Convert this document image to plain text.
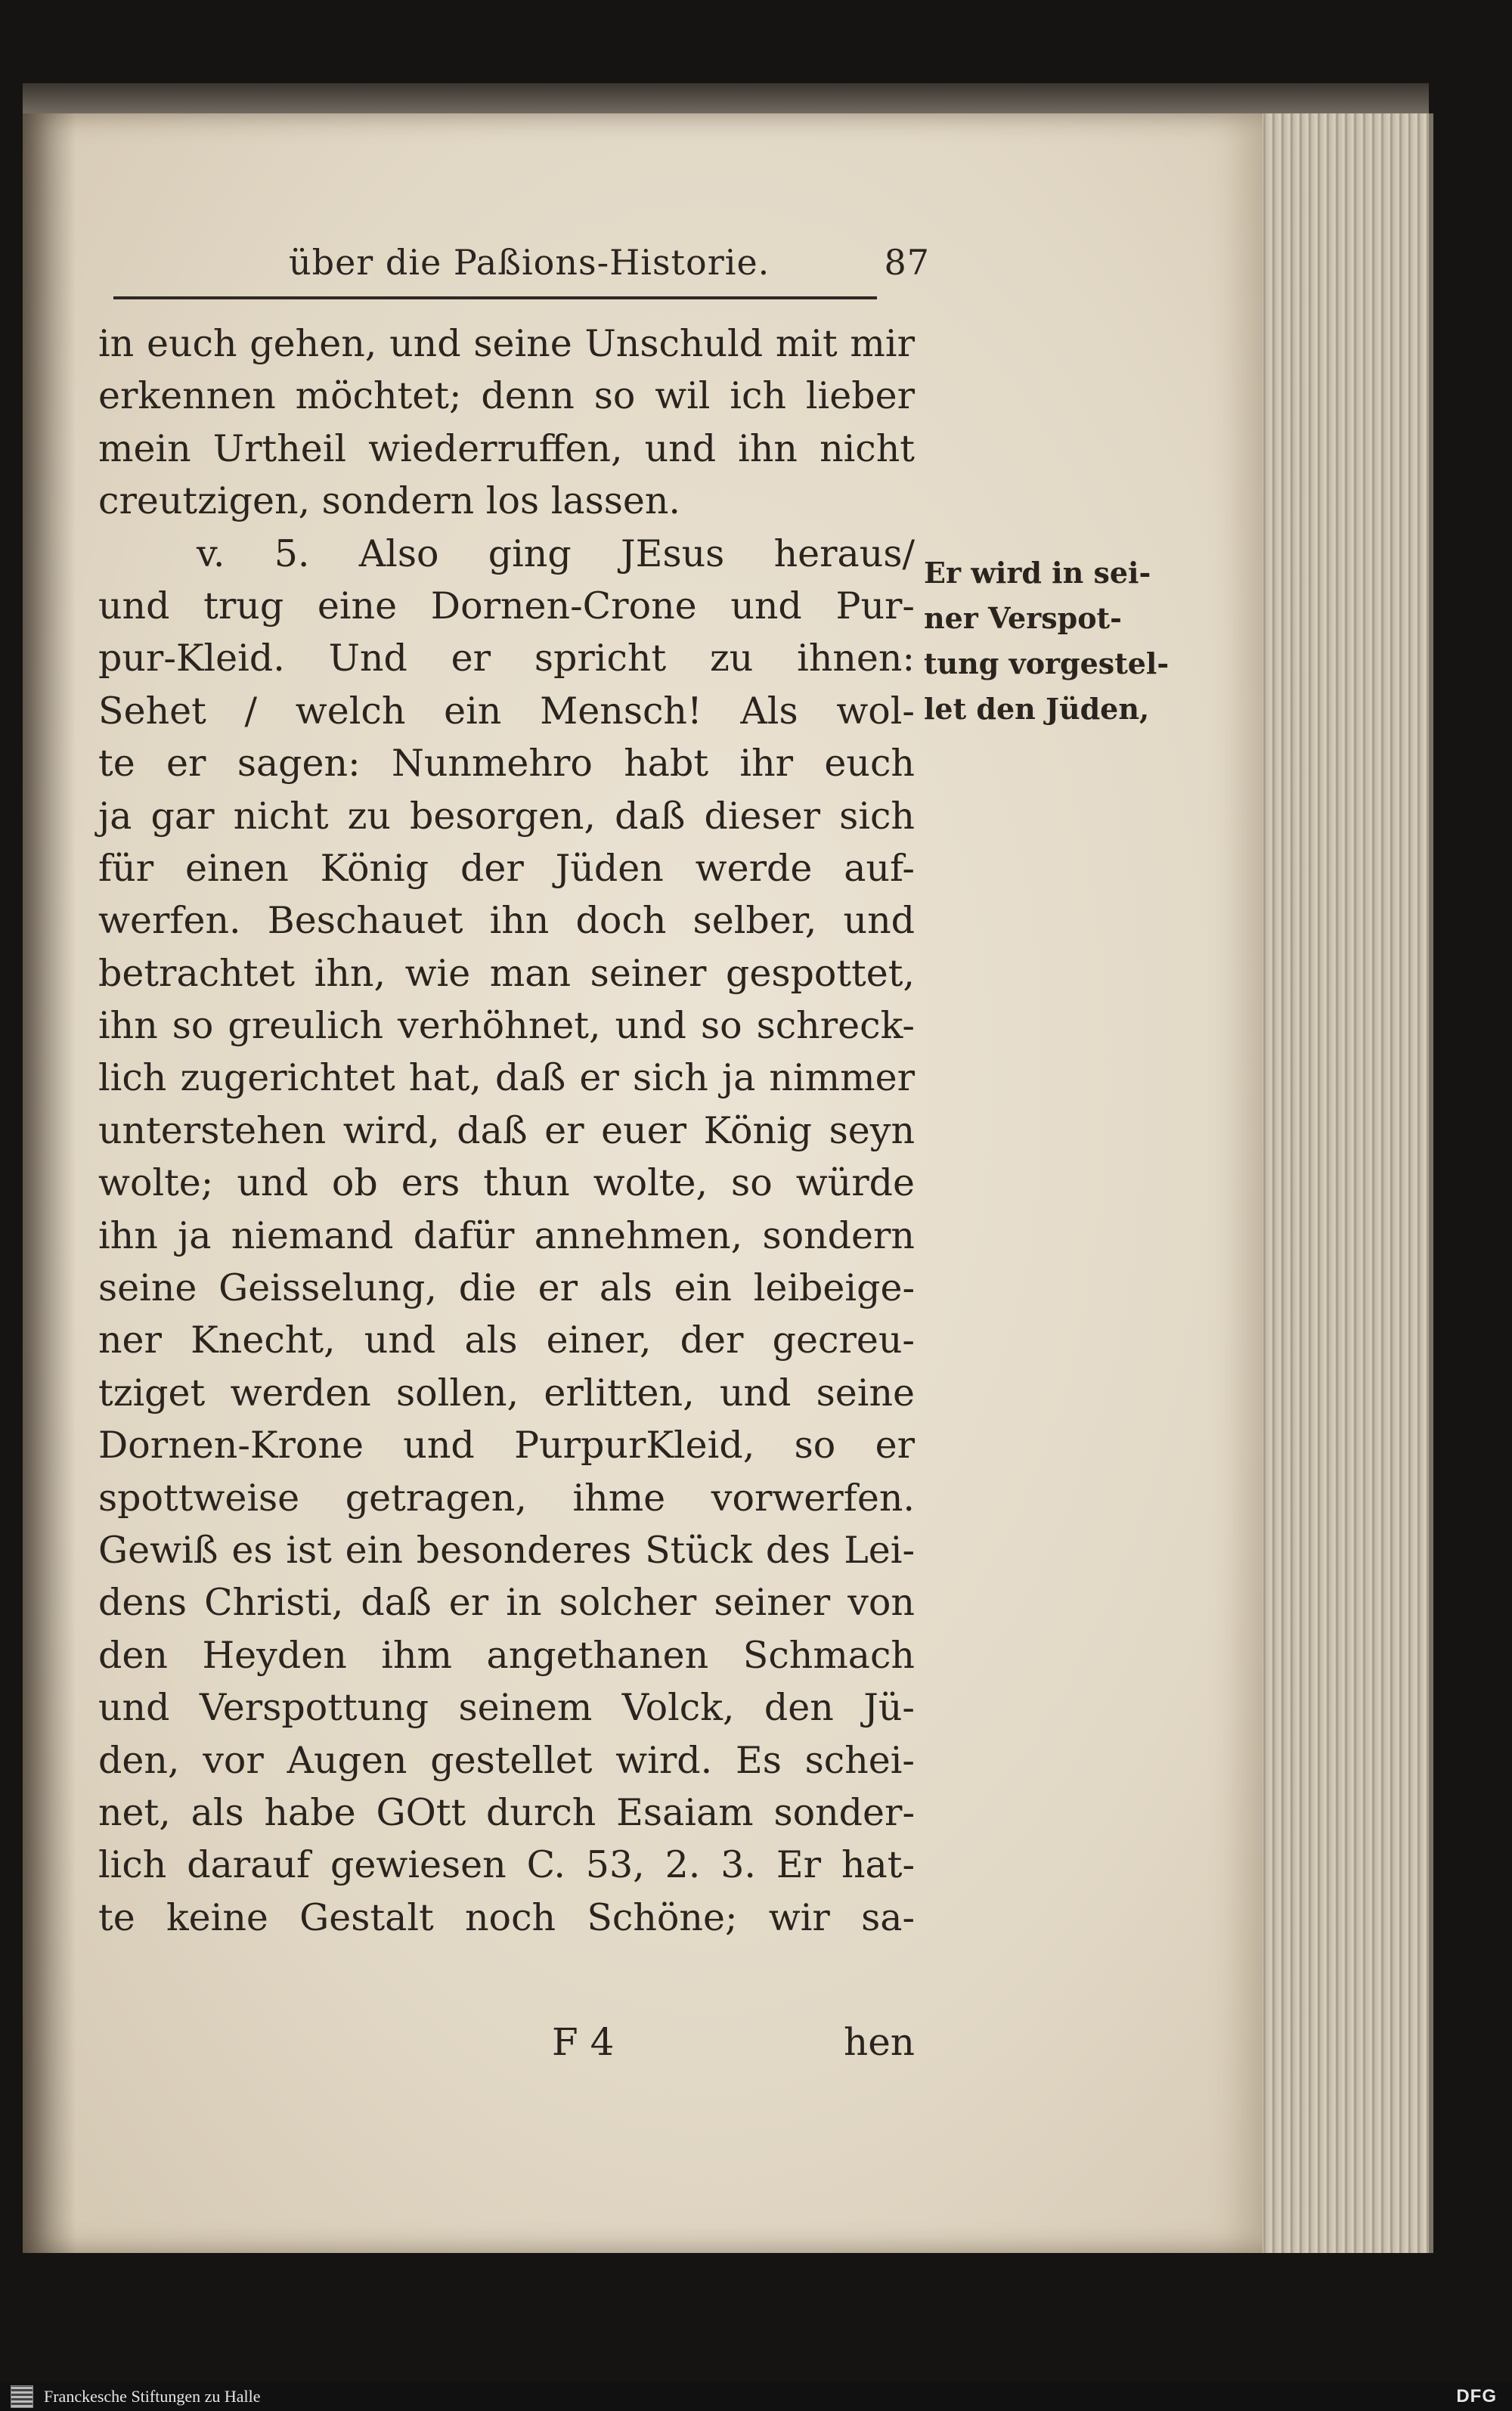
über die Paßions-Historie.	87
in euch gehen, und seine Unschuld mit mir
erkennen möchtet; denn so wil ich lieber
mein Urtheil wiederruffen, und ihn nicht
creutzigen, sondern los lassen.
v. 5. Also ging JEsus heraus/
und trug eine Dornen-Crone und Pur-
pur-Kleid. Und er spricht zu ihnen:
Sehet / welch ein Mensch! Als wol-
te er sagen: Nunmehro habt ihr euch
ja gar nicht zu besorgen, daß dieser sich
für einen König der Jüden werde auf-
werfen. Beschauet ihn doch selber, und
betrachtet ihn, wie man seiner gespottet,
ihn so greulich verhöhnet, und so schreck-
lich zugerichtet hat, daß er sich ja nimmer
unterstehen wird, daß er euer König seyn
wolte; und ob ers thun wolte, so würde
ihn ja niemand dafür annehmen, sondern
seine Geisselung, die er als ein leibeige-
ner Knecht, und als einer, der gecreu-
tziget werden sollen, erlitten, und seine
Dornen-Krone und PurpurKleid, so er
spottweise getragen, ihme vorwerfen.
Gewiß es ist ein besonderes Stück des Lei-
dens Christi, daß er in solcher seiner von
den Heyden ihm angethanen Schmach
und Verspottung seinem Volck, den Jü-
den, vor Augen gestellet wird. Es schei-
net, als habe GOtt durch Esaiam sonder-
lich darauf gewiesen C. 53, 2. 3. Er hat-
te keine Gestalt noch Schöne; wir sa-
Er wird in sei-
ner Verspot-
tung vorgestel-
let den Jüden,
F 4	hen
Franckesche Stiftungen zu Halle	DFG
